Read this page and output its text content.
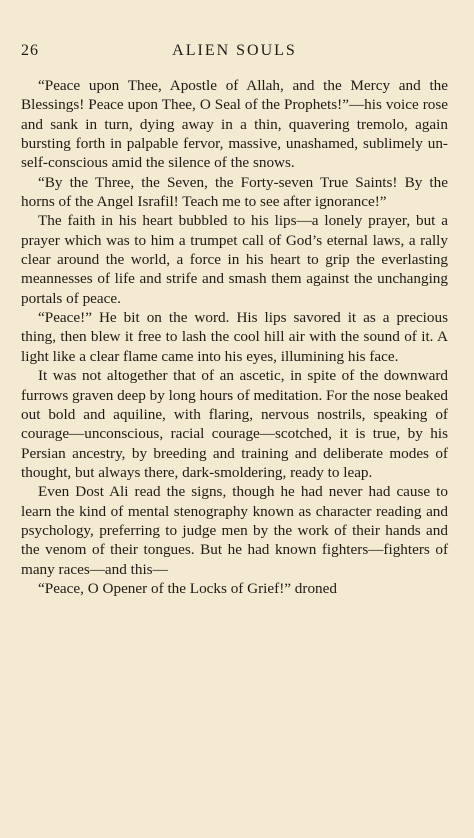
26	ALIEN SOULS

“Peace upon Thee, Apostle of Allah, and the Mercy and the Blessings! Peace upon Thee, O Seal of the Prophets!”—his voice rose and sank in turn, dying away in a thin, quavering tremolo, again bursting forth in palpable fervor, massive, unashamed, sublimely un-self-conscious amid the silence of the snows.

“By the Three, the Seven, the Forty-seven True Saints! By the horns of the Angel Israfil! Teach me to see after ignorance!”

The faith in his heart bubbled to his lips—a lonely prayer, but a prayer which was to him a trumpet call of God’s eternal laws, a rally clear around the world, a force in his heart to grip the everlasting meannesses of life and strife and smash them against the unchanging portals of peace.

“Peace!” He bit on the word. His lips savored it as a precious thing, then blew it free to lash the cool hill air with the sound of it. A light like a clear flame came into his eyes, illumining his face.

It was not altogether that of an ascetic, in spite of the downward furrows graven deep by long hours of meditation. For the nose beaked out bold and aquiline, with flaring, nervous nostrils, speaking of courage—unconscious, racial courage—scotched, it is true, by his Persian ancestry, by breeding and training and deliberate modes of thought, but always there, dark-smoldering, ready to leap.

Even Dost Ali read the signs, though he had never had cause to learn the kind of mental stenography known as character reading and psychology, preferring to judge men by the work of their hands and the venom of their tongues. But he had known fighters—fighters of many races—and this—

“Peace, O Opener of the Locks of Grief!” droned
